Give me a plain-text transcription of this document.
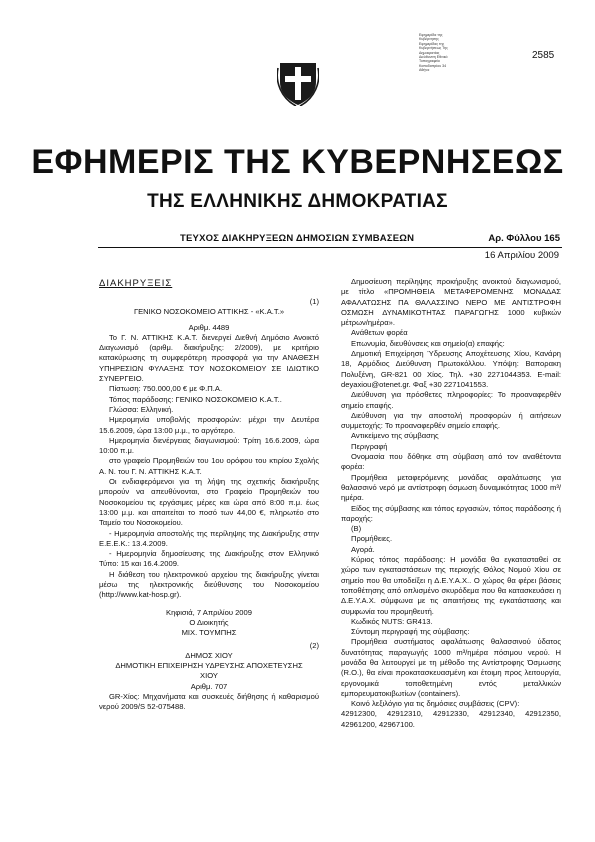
Εφημερίδα της
Κυβέρνησης
Εφημερίδας της
Κυβερνήσεως Της
Δημοκρατίας
Διεύθυνση Εθνικό
Τυπογραφείο
Καποδιστρίου 34
Αθήνα
2585
ΕΦΗΜΕΡΙΣ ΤΗΣ ΚΥΒΕΡΝΗΣΕΩΣ
ΤΗΣ ΕΛΛΗΝΙΚΗΣ ΔΗΜΟΚΡΑΤΙΑΣ
ΤΕΥΧΟΣ ΔΙΑΚΗΡΥΞΕΩΝ ΔΗΜΟΣΙΩΝ ΣΥΜΒΑΣΕΩΝ	Αρ. Φύλλου 165
16 Απριλίου 2009

ΔΙΑΚΗΡΥΞΕΙΣ

(1)

ΓΕΝΙΚΟ ΝΟΣΟΚΟΜΕΙΟ ΑΤΤΙΚΗΣ - «Κ.Α.Τ.»

Αριθμ. 4489

Το Γ. Ν. ΑΤΤΙΚΗΣ Κ.Α.Τ. διενεργεί Διεθνή Δημόσιο Ανοικτό Διαγωνισμό (αριθμ. διακήρυξης: 2/2009), με κριτήριο κατακύρωσης τη συμφερότερη προσφορά για την ΑΝΑΘΕΣΗ ΥΠΗΡΕΣΙΩΝ ΦΥΛΑΞΗΣ ΤΟΥ ΝΟΣΟΚΟΜΕΙΟΥ ΣΕ ΙΔΙΩΤΙΚΟ ΣΥΝΕΡΓΕΙΟ.

Πίστωση: 750.000,00 € με Φ.Π.Α.

Τόπος παράδοσης: ΓΕΝΙΚΟ ΝΟΣΟΚΟΜΕΙΟ Κ.Α.Τ..

Γλώσσα: Ελληνική.

Ημερομηνία υποβολής προσφορών: μέχρι την Δευτέρα 15.6.2009, ώρα 13:00 μ.μ., το αργότερο.

Ημερομηνία διενέργειας διαγωνισμού: Τρίτη 16.6.2009, ώρα 10:00 π.μ.

στο γραφείο Προμηθειών του 1ου ορόφου του κτιρίου Σχολής Α. Ν. του Γ. Ν. ΑΤΤΙΚΗΣ Κ.Α.Τ.

Οι ενδιαφερόμενοι για τη λήψη της σχετικής διακήρυξης μπορούν να απευθύνονται, στο Γραφείο Προμηθειών του Νοσοκομείου τις εργάσιμες μέρες και ώρα από 8:00 π.μ. έως 13:00 μ.μ. και απαιτείται το ποσό των 44,00 €, πληρωτέο στο Ταμείο του Νοσοκομείου.

- Ημερομηνία αποστολής της περίληψης της Διακήρυξης στην Ε.Ε.Ε.Κ.: 13.4.2009.

- Ημερομηνία δημοσίευσης της Διακήρυξης στον Ελληνικό Τύπο: 15 και 16.4.2009.

Η διάθεση του ηλεκτρονικού αρχείου της διακήρυξης γίνεται μέσω της ηλεκτρονικής διεύθυνσης του Νοσοκομείου (http://www.kat-hosp.gr).

Κηφισιά, 7 Απριλίου 2009

Ο Διοικητής

ΜΙΧ. ΤΟΥΜΠΗΣ

(2)

ΔΗΜΟΣ ΧΙΟΥ

ΔΗΜΟΤΙΚΗ ΕΠΙΧΕΙΡΗΣΗ ΥΔΡΕΥΣΗΣ ΑΠΟΧΕΤΕΥΣΗΣ

ΧΙΟΥ

Αριθμ. 707

GR-Χίος: Μηχανήματα και συσκευές διήθησης ή καθαρισμού νερού 2009/S 52-075488.

Δημοσίευση περίληψης προκήρυξης ανοικτού διαγωνισμού, με τίτλο «ΠΡΟΜΗΘΕΙΑ ΜΕΤΑΦΕΡΟΜΕΝΗΣ ΜΟΝΑΔΑΣ ΑΦΑΛΑΤΩΣΗΣ ΠΑ ΘΑΛΑΣΣΙΝΟ ΝΕΡΟ ΜΕ ΑΝΤΙΣΤΡΟΦΗ ΟΣΜΩΣΗ ΔΥΝΑΜΙΚΟΤΗΤΑΣ ΠΑΡΑΓΩΓΗΣ 1000 κυβικών μέτρων/ημέρα».

Ανάθετων φορέα

Επωνυμία, διευθύνσεις και σημείο(α) επαφής:

Δημοτική Επιχείρηση Ύδρευσης Αποχέτευσης Χίου, Κανάρη 18, Αρμόδιος Διεύθυνση Πρωτοκόλλου. Υπόψη: Βαπορακη Πολυξένη, GR-821 00 Χίος. Τηλ. +30 2271044353. E-mail: deyaxiou@otenet.gr. Φαξ +30 2271041553.

Διεύθυνση για πρόσθετες πληροφορίες: Το προαναφερθέν σημείο επαφής.

Διεύθυνση για την αποστολή προσφορών ή αιτήσεων συμμετοχής: Το προαναφερθέν σημείο επαφής.

Αντικείμενο της σύμβασης

Περιγραφή

Ονομασία που δόθηκε στη σύμβαση από τον αναθέτοντα φορέα:

Προμήθεια μεταφερόμενης μονάδας αφαλάτωσης για θαλασσινό νερό με αντίστροφη όσμωση δυναμικότητας 1000 m³/ημέρα.

Είδος της σύμβασης και τόπος εργασιών, τόπος παράδοσης ή παροχής:

(B)

Προμήθειες.

Αγορά.

Κύριος τόπος παράδοσης: Η μονάδα θα εγκατασταθεί σε χώρο των εγκαταστάσεων της περιοχής Θόλος Νομού Χίου σε σημείο που θα υποδείξει η Δ.Ε.Υ.Α.Χ.. Ο χώρος θα φέρει βάσεις τοποθέτησης από οπλισμένο σκυρόδεμα που θα κατασκευάσει η Δ.Ε.Υ.Α.Χ. σύμφωνα με τις απαιτήσεις της εγκατάστασης και συμφωνία του προμηθευτή.

Κωδικός NUTS: GR413.

Σύντομη περιγραφή της σύμβασης:

Προμήθεια συστήματος αφαλάτωσης θαλασσινού ύδατος δυνατότητας παραγωγής 1000 m³/ημέρα πόσιμου νερού. Η μονάδα θα λειτουργεί με τη μέθοδο της Αντίστροφης Όσμωσης (R.O.), θα είναι προκατασκευασμένη και έτοιμη προς λειτουργία, εργονομικά τοποθετημένη εντός μεταλλικών εμπορευματοκιβωτίων (containers).

Κοινό λεξιλόγιο για τις δημόσιες συμβάσεις (CPV):

42912300, 42912310, 42912330, 42912340, 42912350, 42961200, 42967100.
